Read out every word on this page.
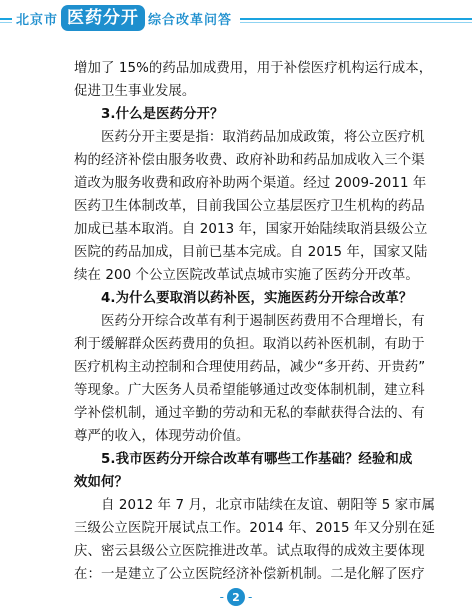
北京市 医药分开 综合改革问答
增加了 15%的药品加成费用，用于补偿医疗机构运行成本，
促进卫生事业发展。
3.什么是医药分开？
医药分开主要是指：取消药品加成政策，将公立医疗机
构的经济补偿由服务收费、政府补助和药品加成收入三个渠
道改为服务收费和政府补助两个渠道。经过 2009-2011 年
医药卫生体制改革，目前我国公立基层医疗卫生机构的药品
加成已基本取消。自 2013 年，国家开始陆续取消县级公立
医院的药品加成，目前已基本完成。自 2015 年，国家又陆
续在 200 个公立医院改革试点城市实施了医药分开改革。
4.为什么要取消以药补医，实施医药分开综合改革？
医药分开综合改革有利于遏制医药费用不合理增长，有
利于缓解群众医药费用的负担。取消以药补医机制，有助于
医疗机构主动控制和合理使用药品，减少“多开药、开贵药”
等现象。广大医务人员希望能够通过改变体制机制，建立科
学补偿机制，通过辛勤的劳动和无私的奉献获得合法的、有
尊严的收入，体现劳动价值。
5.我市医药分开综合改革有哪些工作基础？经验和成
效如何？
自 2012 年 7 月，北京市陆续在友谊、朝阳等 5 家市属
三级公立医院开展试点工作。2014 年、2015 年又分别在延
庆、密云县级公立医院推进改革。试点取得的成效主要体现
在：一是建立了公立医院经济补偿新机制。二是化解了医疗
- 2 -
